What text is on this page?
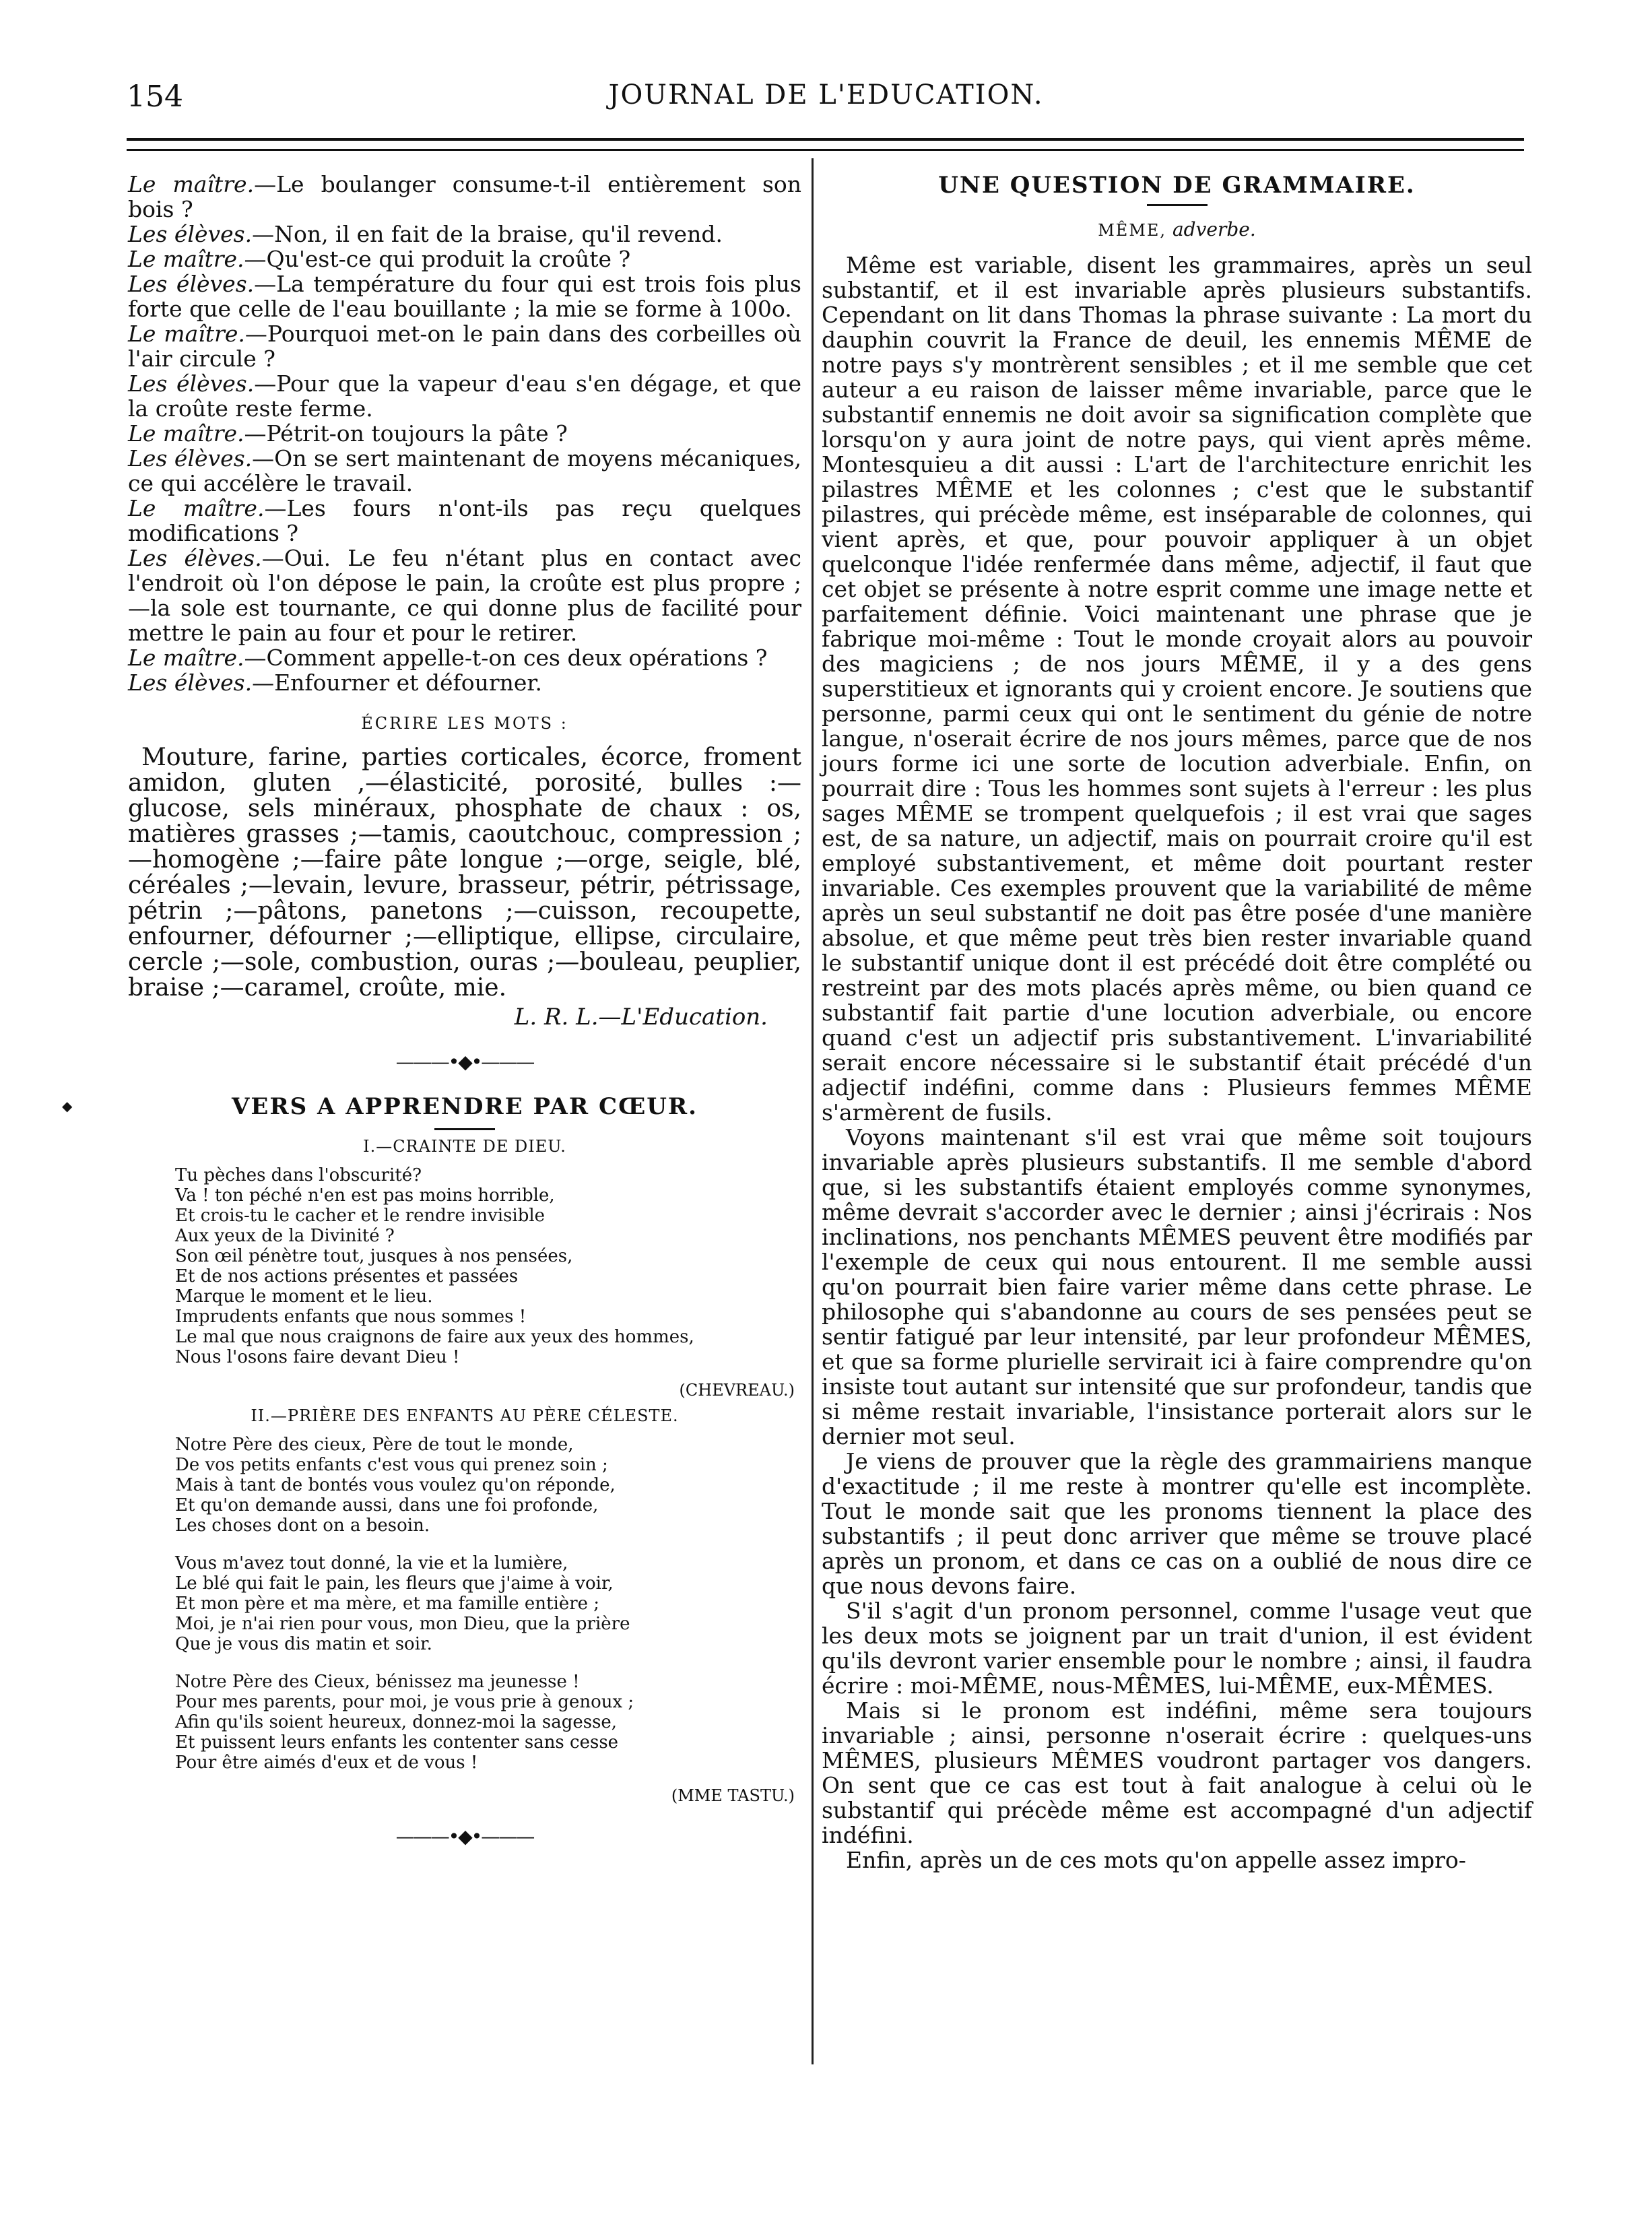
154	JOURNAL DE L'EDUCATION.
◆

Le maître.—Le boulanger consume-t-il entièrement son bois ?

Les élèves.—Non, il en fait de la braise, qu'il revend.

Le maître.—Qu'est-ce qui produit la croûte ?

Les élèves.—La température du four qui est trois fois plus forte que celle de l'eau bouillante ; la mie se forme à 100o.

Le maître.—Pourquoi met-on le pain dans des corbeilles où l'air circule ?

Les élèves.—Pour que la vapeur d'eau s'en dégage, et que la croûte reste ferme.

Le maître.—Pétrit-on toujours la pâte ?

Les élèves.—On se sert maintenant de moyens mécaniques, ce qui accélère le travail.

Le maître.—Les fours n'ont-ils pas reçu quelques modifications ?

Les élèves.—Oui. Le feu n'étant plus en contact avec l'endroit où l'on dépose le pain, la croûte est plus propre ;—la sole est tournante, ce qui donne plus de facilité pour mettre le pain au four et pour le retirer.

Le maître.—Comment appelle-t-on ces deux opérations ?

Les élèves.—Enfourner et défourner.

ÉCRIRE LES MOTS :

Mouture, farine, parties corticales, écorce, froment amidon, gluten ,—élasticité, porosité, bulles :—glucose, sels minéraux, phosphate de chaux : os, matières grasses ;—tamis, caoutchouc, compression ;—homogène ;—faire pâte longue ;—orge, seigle, blé, céréales ;—levain, levure, brasseur, pétrir, pétrissage, pétrin ;—pâtons, panetons ;—cuisson, recoupette, enfourner, défourner ;—elliptique, ellipse, circulaire, cercle ;—sole, combustion, ouras ;—bouleau, peuplier, braise ;—caramel, croûte, mie.

L. R. L.—L'Education.
———•◆•———
VERS A APPRENDRE PAR CŒUR.
I.—CRAINTE DE DIEU.
Tu pèches dans l'obscurité?
Va ! ton péché n'en est pas moins horrible,
Et crois-tu le cacher et le rendre invisible
Aux yeux de la Divinité ?
Son œil pénètre tout, jusques à nos pensées,
Et de nos actions présentes et passées
Marque le moment et le lieu.
Imprudents enfants que nous sommes !
Le mal que nous craignons de faire aux yeux des hommes,
Nous l'osons faire devant Dieu !
(CHEVREAU.)
II.—PRIÈRE DES ENFANTS AU PÈRE CÉLESTE.
Notre Père des cieux, Père de tout le monde,
De vos petits enfants c'est vous qui prenez soin ;
Mais à tant de bontés vous voulez qu'on réponde,
Et qu'on demande aussi, dans une foi profonde,
Les choses dont on a besoin.
Vous m'avez tout donné, la vie et la lumière,
Le blé qui fait le pain, les fleurs que j'aime à voir,
Et mon père et ma mère, et ma famille entière ;
Moi, je n'ai rien pour vous, mon Dieu, que la prière
Que je vous dis matin et soir.
Notre Père des Cieux, bénissez ma jeunesse !
Pour mes parents, pour moi, je vous prie à genoux ;
Afin qu'ils soient heureux, donnez-moi la sagesse,
Et puissent leurs enfants les contenter sans cesse
Pour être aimés d'eux et de vous !
(MME TASTU.)
———•◆•———
UNE QUESTION DE GRAMMAIRE.
MÊME, adverbe.

Même est variable, disent les grammaires, après un seul substantif, et il est invariable après plusieurs substantifs. Cependant on lit dans Thomas la phrase suivante : La mort du dauphin couvrit la France de deuil, les ennemis MÊME de notre pays s'y montrèrent sensibles ; et il me semble que cet auteur a eu raison de laisser même invariable, parce que le substantif ennemis ne doit avoir sa signification complète que lorsqu'on y aura joint de notre pays, qui vient après même. Montesquieu a dit aussi : L'art de l'architecture enrichit les pilastres MÊME et les colonnes ; c'est que le substantif pilastres, qui précède même, est inséparable de colonnes, qui vient après, et que, pour pouvoir appliquer à un objet quelconque l'idée renfermée dans même, adjectif, il faut que cet objet se présente à notre esprit comme une image nette et parfaitement définie. Voici maintenant une phrase que je fabrique moi-même : Tout le monde croyait alors au pouvoir des magiciens ; de nos jours MÊME, il y a des gens superstitieux et ignorants qui y croient encore. Je soutiens que personne, parmi ceux qui ont le sentiment du génie de notre langue, n'oserait écrire de nos jours mêmes, parce que de nos jours forme ici une sorte de locution adverbiale. Enfin, on pourrait dire : Tous les hommes sont sujets à l'erreur : les plus sages MÊME se trompent quelquefois ; il est vrai que sages est, de sa nature, un adjectif, mais on pourrait croire qu'il est employé substantivement, et même doit pourtant rester invariable. Ces exemples prouvent que la variabilité de même après un seul substantif ne doit pas être posée d'une manière absolue, et que même peut très bien rester invariable quand le substantif unique dont il est précédé doit être complété ou restreint par des mots placés après même, ou bien quand ce substantif fait partie d'une locution adverbiale, ou encore quand c'est un adjectif pris substantivement. L'invariabilité serait encore nécessaire si le substantif était précédé d'un adjectif indéfini, comme dans : Plusieurs femmes MÊME s'armèrent de fusils.

Voyons maintenant s'il est vrai que même soit toujours invariable après plusieurs substantifs. Il me semble d'abord que, si les substantifs étaient employés comme synonymes, même devrait s'accorder avec le dernier ; ainsi j'écrirais : Nos inclinations, nos penchants MÊMES peuvent être modifiés par l'exemple de ceux qui nous entourent. Il me semble aussi qu'on pourrait bien faire varier même dans cette phrase. Le philosophe qui s'abandonne au cours de ses pensées peut se sentir fatigué par leur intensité, par leur profondeur MÊMES, et que sa forme plurielle servirait ici à faire comprendre qu'on insiste tout autant sur intensité que sur profondeur, tandis que si même restait invariable, l'insistance porterait alors sur le dernier mot seul.

Je viens de prouver que la règle des grammairiens manque d'exactitude ; il me reste à montrer qu'elle est incomplète. Tout le monde sait que les pronoms tiennent la place des substantifs ; il peut donc arriver que même se trouve placé après un pronom, et dans ce cas on a oublié de nous dire ce que nous devons faire.

S'il s'agit d'un pronom personnel, comme l'usage veut que les deux mots se joignent par un trait d'union, il est évident qu'ils devront varier ensemble pour le nombre ; ainsi, il faudra écrire : moi-MÊME, nous-MÊMES, lui-MÊME, eux-MÊMES.

Mais si le pronom est indéfini, même sera toujours invariable ; ainsi, personne n'oserait écrire : quelques-uns MÊMES, plusieurs MÊMES voudront partager vos dangers. On sent que ce cas est tout à fait analogue à celui où le substantif qui précède même est accompagné d'un adjectif indéfini.

Enfin, après un de ces mots qu'on appelle assez impro-
